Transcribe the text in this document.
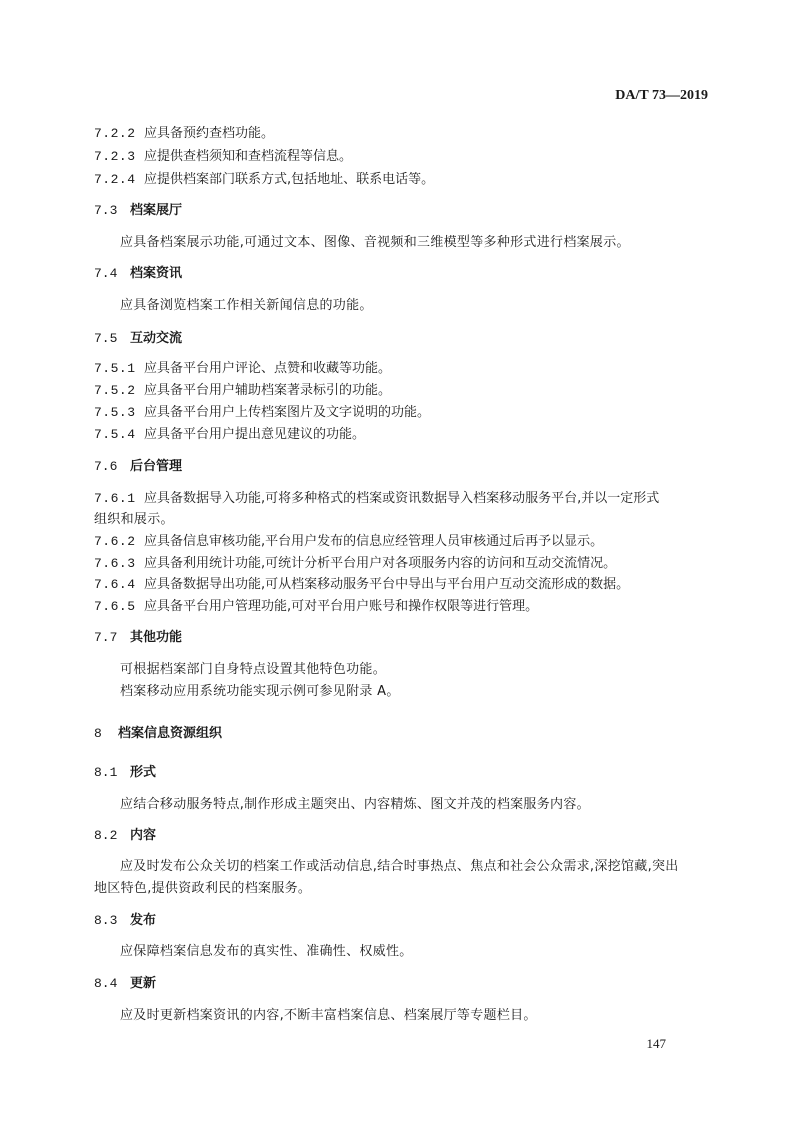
DA/T 73—2019
7.2.2 应具备预约查档功能。
7.2.3 应提供查档须知和查档流程等信息。
7.2.4 应提供档案部门联系方式,包括地址、联系电话等。
7.3 档案展厅
应具备档案展示功能,可通过文本、图像、音视频和三维模型等多种形式进行档案展示。
7.4 档案资讯
应具备浏览档案工作相关新闻信息的功能。
7.5 互动交流
7.5.1 应具备平台用户评论、点赞和收藏等功能。
7.5.2 应具备平台用户辅助档案著录标引的功能。
7.5.3 应具备平台用户上传档案图片及文字说明的功能。
7.5.4 应具备平台用户提出意见建议的功能。
7.6 后台管理
7.6.1 应具备数据导入功能,可将多种格式的档案或资讯数据导入档案移动服务平台,并以一定形式
组织和展示。
7.6.2 应具备信息审核功能,平台用户发布的信息应经管理人员审核通过后再予以显示。
7.6.3 应具备利用统计功能,可统计分析平台用户对各项服务内容的访问和互动交流情况。
7.6.4 应具备数据导出功能,可从档案移动服务平台中导出与平台用户互动交流形成的数据。
7.6.5 应具备平台用户管理功能,可对平台用户账号和操作权限等进行管理。
7.7 其他功能
可根据档案部门自身特点设置其他特色功能。
档案移动应用系统功能实现示例可参见附录 A。
8 档案信息资源组织
8.1 形式
应结合移动服务特点,制作形成主题突出、内容精炼、图文并茂的档案服务内容。
8.2 内容
应及时发布公众关切的档案工作或活动信息,结合时事热点、焦点和社会公众需求,深挖馆藏,突出
地区特色,提供资政利民的档案服务。
8.3 发布
应保障档案信息发布的真实性、准确性、权威性。
8.4 更新
应及时更新档案资讯的内容,不断丰富档案信息、档案展厅等专题栏目。
147
